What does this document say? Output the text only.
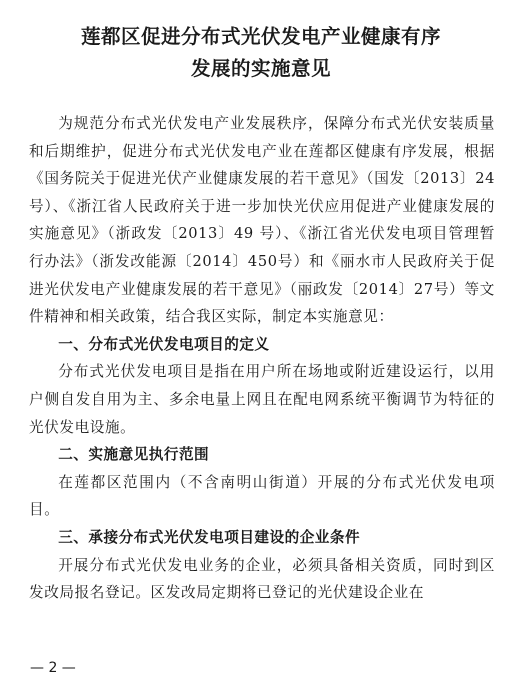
莲都区促进分布式光伏发电产业健康有序
发展的实施意见

为规范分布式光伏发电产业发展秩序，保障分布式光伏安装质量和后期维护，促进分布式光伏发电产业在莲都区健康有序发展，根据《国务院关于促进光伏产业健康发展的若干意见》（国发〔2013〕24号）、《浙江省人民政府关于进一步加快光伏应用促进产业健康发展的实施意见》（浙政发〔2013〕49 号）、《浙江省光伏发电项目管理暂行办法》（浙发改能源〔2014〕450号）和《丽水市人民政府关于促进光伏发电产业健康发展的若干意见》（丽政发〔2014〕27号）等文件精神和相关政策，结合我区实际，制定本实施意见：

一、分布式光伏发电项目的定义

分布式光伏发电项目是指在用户所在场地或附近建设运行，以用户侧自发自用为主、多余电量上网且在配电网系统平衡调节为特征的光伏发电设施。

二、实施意见执行范围

在莲都区范围内（不含南明山街道）开展的分布式光伏发电项目。

三、承接分布式光伏发电项目建设的企业条件

开展分布式光伏发电业务的企业，必须具备相关资质，同时到区发改局报名登记。区发改局定期将已登记的光伏建设企业在

— 2 —
